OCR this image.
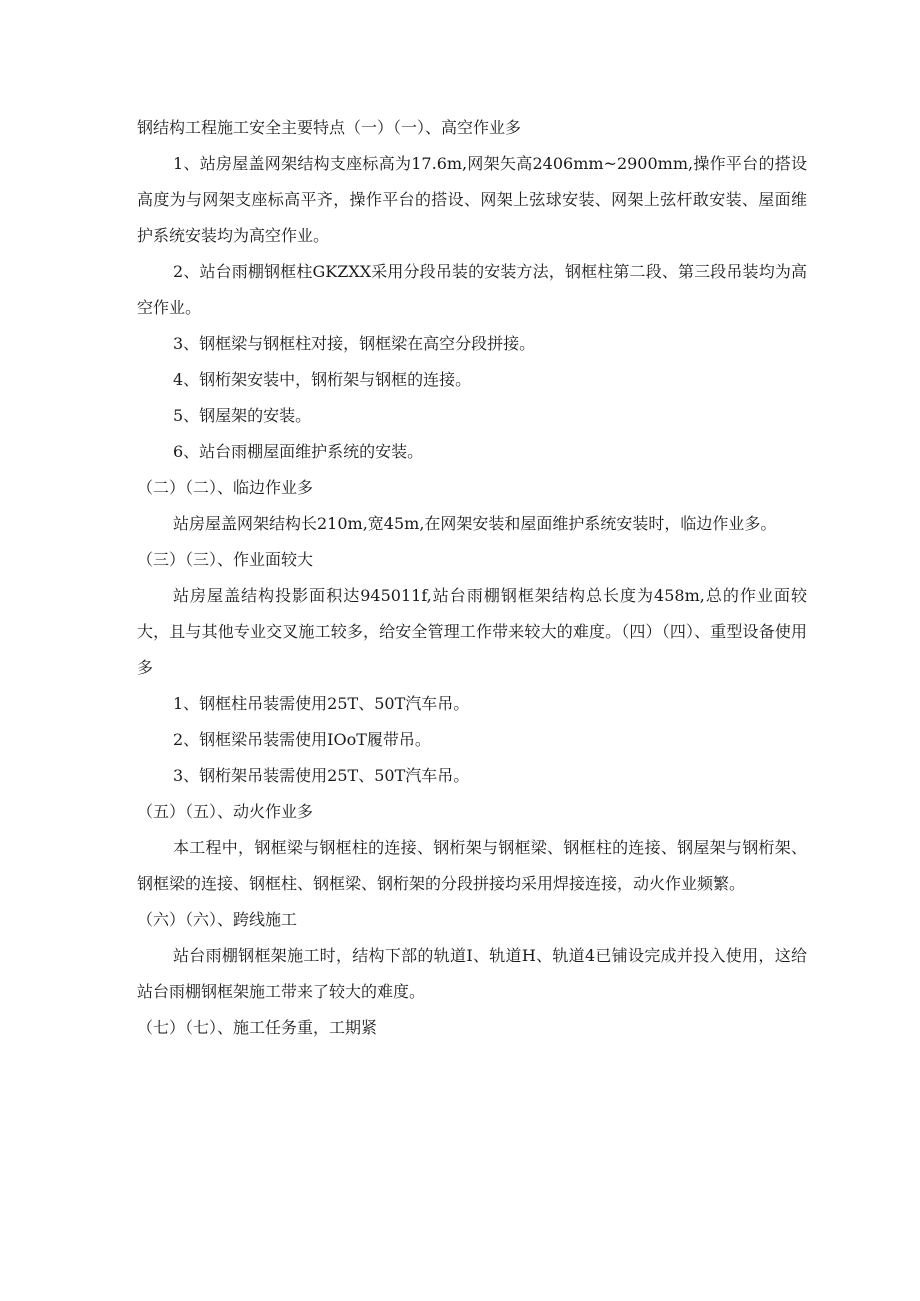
钢结构工程施工安全主要特点（一）（一）、高空作业多

1、站房屋盖网架结构支座标高为17.6m,网架矢高2406mm~2900mm,操作平台的搭设高度为与网架支座标高平齐，操作平台的搭设、网架上弦球安装、网架上弦杆敢安装、屋面维护系统安装均为高空作业。

2、站台雨棚钢框柱GKZXX采用分段吊装的安装方法，钢框柱第二段、第三段吊装均为高空作业。

3、钢框梁与钢框柱对接，钢框梁在高空分段拼接。

4、钢桁架安装中，钢桁架与钢框的连接。

5、钢屋架的安装。

6、站台雨棚屋面维护系统的安装。

（二）（二）、临边作业多

站房屋盖网架结构长210m,宽45m,在网架安装和屋面维护系统安装时，临边作业多。

（三）（三）、作业面较大

站房屋盖结构投影面积达945011f,站台雨棚钢框架结构总长度为458m,总的作业面较大，且与其他专业交叉施工较多，给安全管理工作带来较大的难度。（四）（四）、重型设备使用多

1、钢框柱吊装需使用25T、50T汽车吊。

2、钢框梁吊装需使用IOoT履带吊。

3、钢桁架吊装需使用25T、50T汽车吊。

（五）（五）、动火作业多

本工程中，钢框梁与钢框柱的连接、钢桁架与钢框梁、钢框柱的连接、钢屋架与钢桁架、钢框梁的连接、钢框柱、钢框梁、钢桁架的分段拼接均采用焊接连接，动火作业频繁。

（六）（六）、跨线施工

站台雨棚钢框架施工时，结构下部的轨道I、轨道H、轨道4已铺设完成并投入使用，这给站台雨棚钢框架施工带来了较大的难度。

（七）（七）、施工任务重，工期紧
